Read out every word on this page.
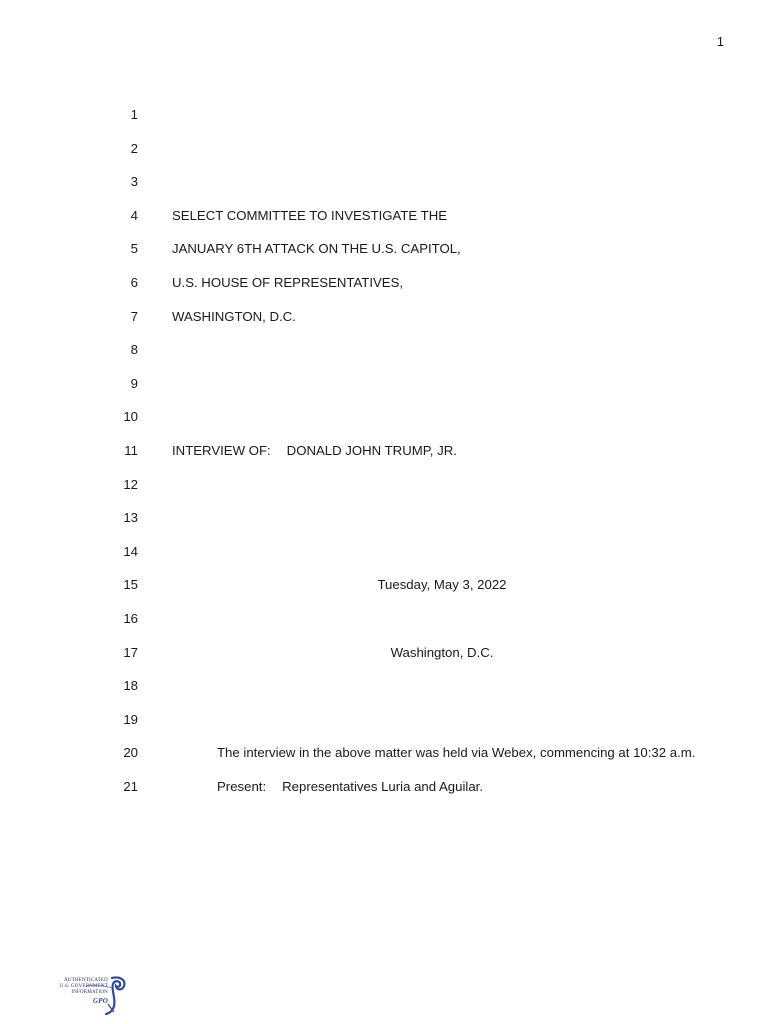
1
1
2
3
4	SELECT COMMITTEE TO INVESTIGATE THE
5	JANUARY 6TH ATTACK ON THE U.S. CAPITOL,
6	U.S. HOUSE OF REPRESENTATIVES,
7	WASHINGTON, D.C.
8
9
10
11	INTERVIEW OF: DONALD JOHN TRUMP, JR.
12
13
14
15	Tuesday, May 3, 2022
16
17	Washington, D.C.
18
19
20	The interview in the above matter was held via Webex, commencing at 10:32 a.m.
21	Present: Representatives Luria and Aguilar.
AUTHENTICATED
U.S. GOVERNMENT
INFORMATION
GPO
